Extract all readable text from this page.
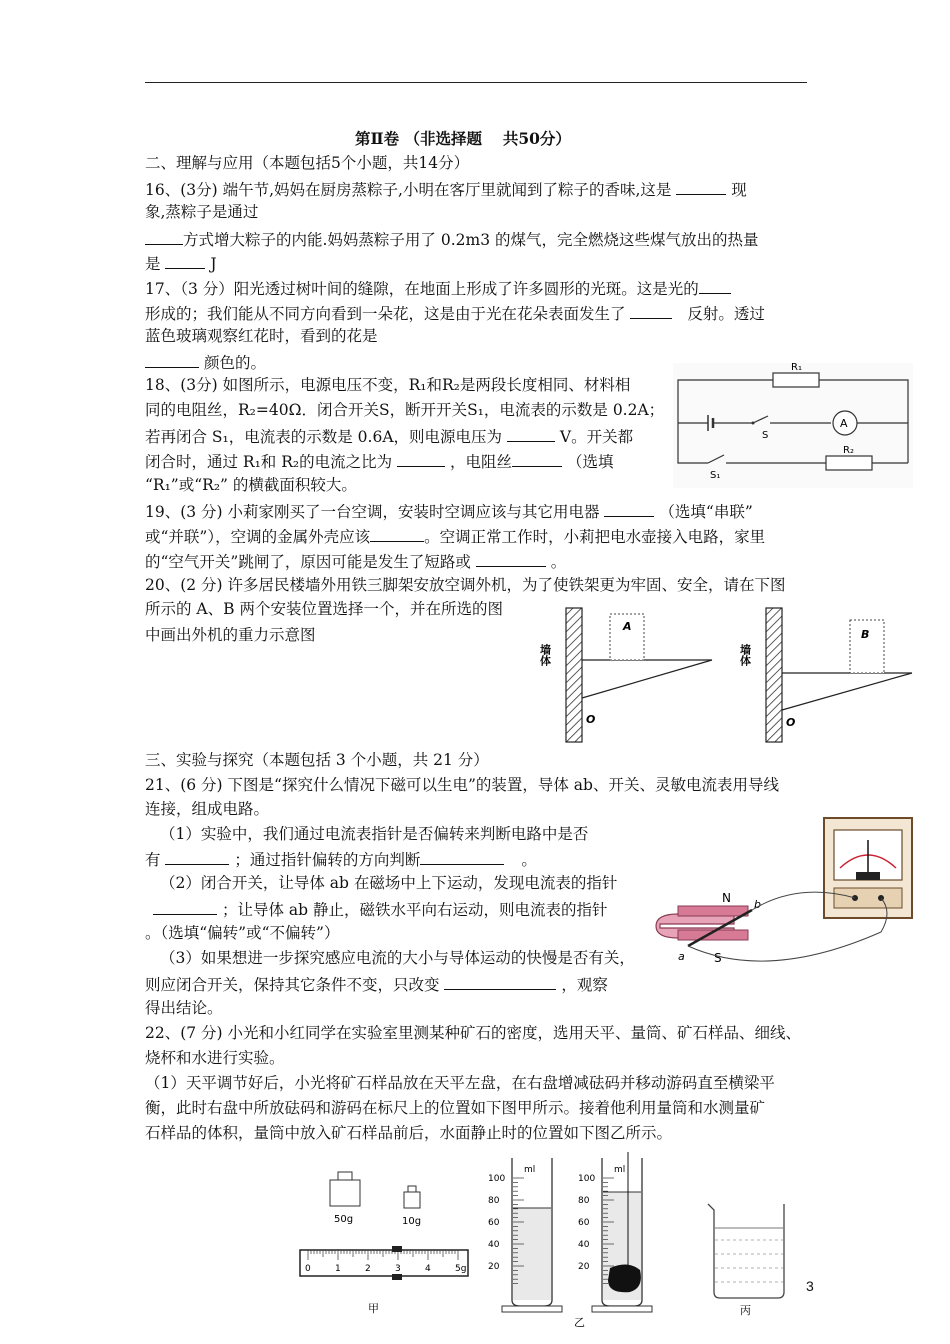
第Ⅱ卷 （非选择题 　共50分）
二、理解与应用（本题包括5个小题，共14分）
16、(3分) 端午节,妈妈在厨房蒸粽子,小明在客厅里就闻到了粽子的香味,这是	现
象,蒸粽子是通过
方式增大粽子的内能.妈妈蒸粽子用了 0.2m3 的煤气，完全燃烧这些煤气放出的热量
是	J
17、（3 分）阳光透过树叶间的缝隙，在地面上形成了许多圆形的光斑。这是光的
形成的；我们能从不同方向看到一朵花，这是由于光在花朵表面发生了	反射。透过
蓝色玻璃观察红花时，看到的花是
颜色的。
18、(3分) 如图所示，电源电压不变，R₁和R₂是两段长度相同、材料相
同的电阻丝，R₂=40Ω．闭合开关S，断开开关S₁，电流表的示数是 0.2A；
若再闭合 S₁，电流表的示数是 0.6A，则电源电压为	V。开关都
闭合时，通过 R₁和 R₂的电流之比为	，电阻丝	（选填
“R₁”或“R₂” 的横截面积较大。
R₁
S
A
S₁
R₂
19、(3 分) 小莉家刚买了一台空调，安装时空调应该与其它用电器	（选填“串联”
或“并联”），空调的金属外壳应该	。空调正常工作时，小莉把电水壶接入电路，家里
的“空气开关”跳闸了，原因可能是发生了短路或	。
20、(2 分) 许多居民楼墙外用铁三脚架安放空调外机，为了使铁架更为牢固、安全，请在下图
所示的 A、B 两个安装位置选择一个，并在所选的图
中画出外机的重力示意图
墙体
A
O
墙体
B
O
三、实验与探究（本题包括 3 个小题，共 21 分）
21、(6 分) 下图是“探究什么情况下磁可以生电”的装置，导体 ab、开关、灵敏电流表用导线
连接，组成电路。
（1）实验中，我们通过电流表指针是否偏转来判断电路中是否
有	；通过指针偏转的方向判断	。
（2）闭合开关，让导体 ab 在磁场中上下运动，发现电流表的指针
；让导体 ab 静止，磁铁水平向右运动，则电流表的指针
。（选填“偏转”或“不偏转”）
（3）如果想进一步探究感应电流的大小与导体运动的快慢是否有关，
则应闭合开关，保持其它条件不变，只改变	，观察
得出结论。
N
S
a
b
22、(7 分) 小光和小红同学在实验室里测某种矿石的密度，选用天平、量筒、矿石样品、细线、
烧杯和水进行实验。
（1）天平调节好后，小光将矿石样品放在天平左盘，在右盘增减砝码并移动游码直至横梁平
衡，此时右盘中所放砝码和游码在标尺上的位置如下图甲所示。接着他利用量筒和水测量矿
石样品的体积，量筒中放入矿石样品前后，水面静止时的位置如下图乙所示。
50g	10g
0	1	2	3	4	5g
甲
ml
100
80
60
40
20
ml
100
80
60
40
20
乙
丙
3
